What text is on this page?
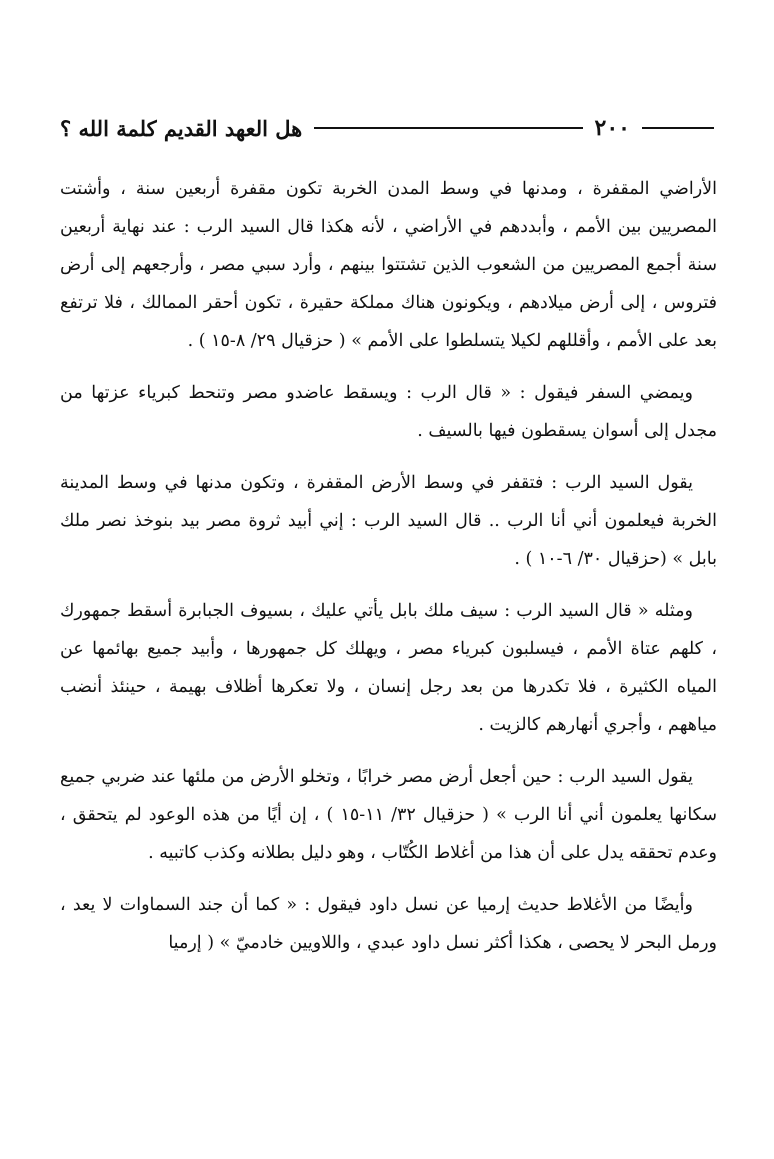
٢٠٠
هل العهد القديم كلمة الله ؟

الأراضي المقفرة ، ومدنها في وسط المدن الخربة تكون مقفرة أربعين سنة ، وأشتت المصريين بين الأمم ، وأبددهم في الأراضي ، لأنه هكذا قال السيد الرب : عند نهاية أربعين سنة أجمع المصريين من الشعوب الذين تشتتوا بينهم ، وأرد سبي مصر ، وأرجعهم إلى أرض فتروس ، إلى أرض ميلادهم ، ويكونون هناك مملكة حقيرة ، تكون أحقر الممالك ، فلا ترتفع بعد على الأمم ، وأقللهم لكيلا يتسلطوا على الأمم » ( حزقيال ٢٩/ ٨-١٥ ) .

ويمضي السفر فيقول : « قال الرب : ويسقط عاضدو مصر وتنحط كبرياء عزتها من مجدل إلى أسوان يسقطون فيها بالسيف .

يقول السيد الرب : فتقفر في وسط الأرض المقفرة ، وتكون مدنها في وسط المدينة الخربة فيعلمون أني أنا الرب .. قال السيد الرب : إني أبيد ثروة مصر بيد بنوخذ نصر ملك بابل » (حزقيال ٣٠/ ٦-١٠ ) .

ومثله « قال السيد الرب : سيف ملك بابل يأتي عليك ، بسيوف الجبابرة أسقط جمهورك ، كلهم عتاة الأمم ، فيسلبون كبرياء مصر ، ويهلك كل جمهورها ، وأبيد جميع بهائمها عن المياه الكثيرة ، فلا تكدرها من بعد رجل إنسان ، ولا تعكرها أظلاف بهيمة ، حينئذ أنضب مياههم ، وأجري أنهارهم كالزيت .

يقول السيد الرب : حين أجعل أرض مصر خرابًا ، وتخلو الأرض من ملئها عند ضربي جميع سكانها يعلمون أني أنا الرب » ( حزقيال ٣٢/ ١١-١٥ ) ، إن أيًا من هذه الوعود لم يتحقق ، وعدم تحققه يدل على أن هذا من أغلاط الكُتّاب ، وهو دليل بطلانه وكذب كاتبيه .

وأيضًا من الأغلاط حديث إرميا عن نسل داود فيقول : « كما أن جند السماوات لا يعد ، ورمل البحر لا يحصى ، هكذا أكثر نسل داود عبدي ، واللاويين خادميّ » ( إرميا
